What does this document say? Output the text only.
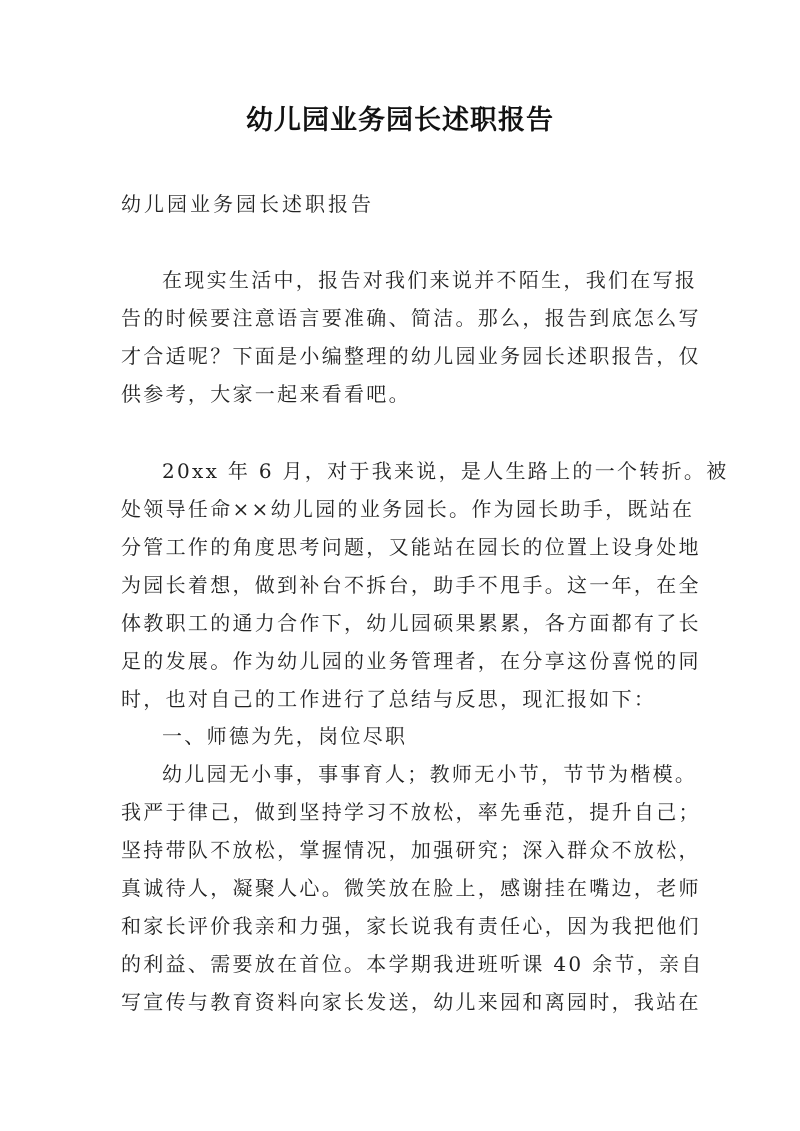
幼儿园业务园长述职报告
幼儿园业务园长述职报告
在现实生活中，报告对我们来说并不陌生，我们在写报
告的时候要注意语言要准确、简洁。那么，报告到底怎么写
才合适呢？下面是小编整理的幼儿园业务园长述职报告，仅
供参考，大家一起来看看吧。
20xx 年 6 月，对于我来说，是人生路上的一个转折。被
处领导任命××幼儿园的业务园长。作为园长助手，既站在
分管工作的角度思考问题，又能站在园长的位置上设身处地
为园长着想，做到补台不拆台，助手不甩手。这一年，在全
体教职工的通力合作下，幼儿园硕果累累，各方面都有了长
足的发展。作为幼儿园的业务管理者，在分享这份喜悦的同
时，也对自己的工作进行了总结与反思，现汇报如下：
一、师德为先，岗位尽职
幼儿园无小事，事事育人；教师无小节，节节为楷模。
我严于律己，做到坚持学习不放松，率先垂范，提升自己；
坚持带队不放松，掌握情况，加强研究；深入群众不放松，
真诚待人，凝聚人心。微笑放在脸上，感谢挂在嘴边，老师
和家长评价我亲和力强，家长说我有责任心，因为我把他们
的利益、需要放在首位。本学期我进班听课 40 余节，亲自
写宣传与教育资料向家长发送，幼儿来园和离园时，我站在
